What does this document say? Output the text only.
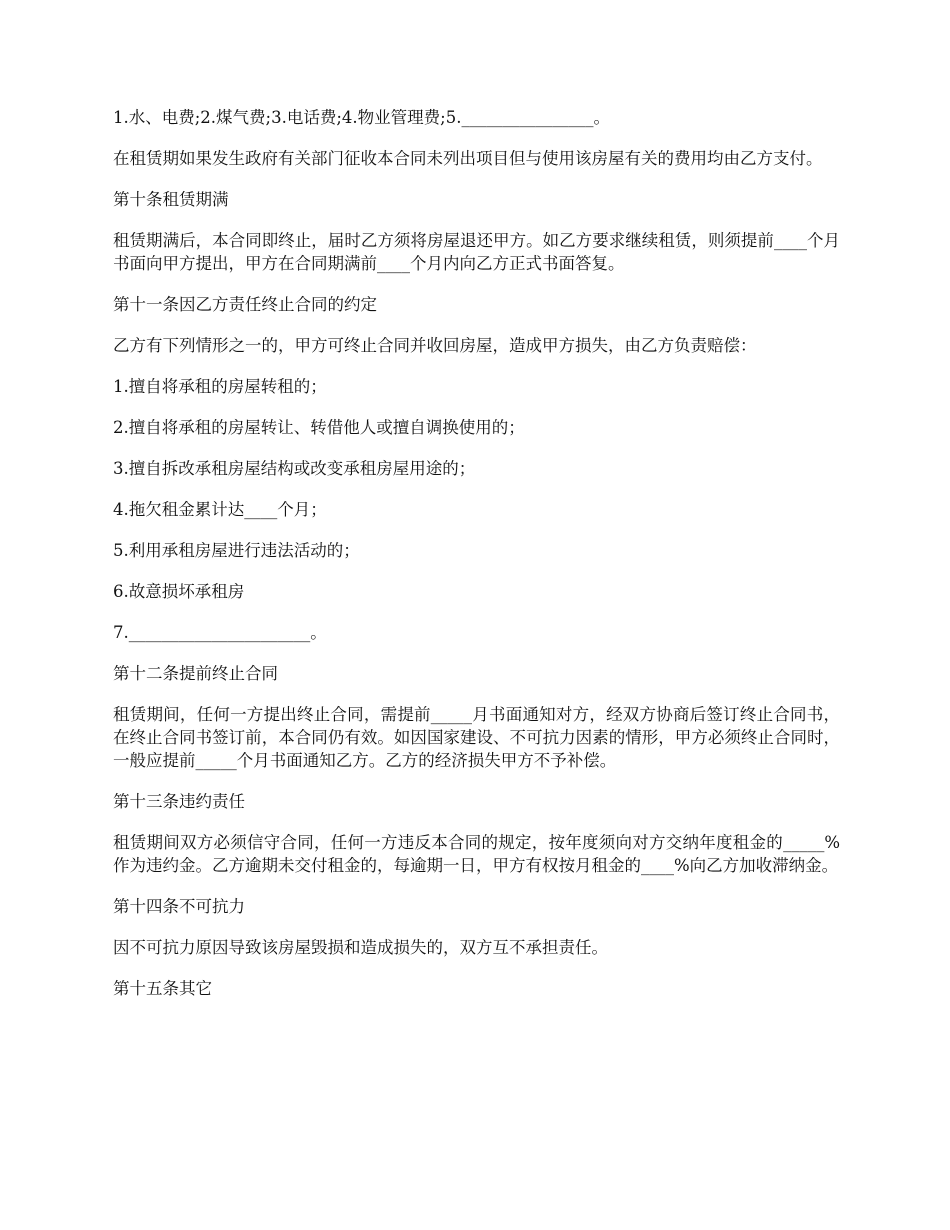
1.水、电费;2.煤气费;3.电话费;4.物业管理费;5.________________。

在租赁期如果发生政府有关部门征收本合同未列出项目但与使用该房屋有关的费用均由乙方支付。

第十条租赁期满

租赁期满后，本合同即终止，届时乙方须将房屋退还甲方。如乙方要求继续租赁，则须提前____个月书面向甲方提出，甲方在合同期满前____个月内向乙方正式书面答复。

第十一条因乙方责任终止合同的约定

乙方有下列情形之一的，甲方可终止合同并收回房屋，造成甲方损失，由乙方负责赔偿：

1.擅自将承租的房屋转租的；

2.擅自将承租的房屋转让、转借他人或擅自调换使用的；

3.擅自拆改承租房屋结构或改变承租房屋用途的；

4.拖欠租金累计达____个月；

5.利用承租房屋进行违法活动的；

6.故意损坏承租房

7.______________________。

第十二条提前终止合同

租赁期间，任何一方提出终止合同，需提前_____月书面通知对方，经双方协商后签订终止合同书，在终止合同书签订前，本合同仍有效。如因国家建设、不可抗力因素的情形，甲方必须终止合同时，一般应提前_____个月书面通知乙方。乙方的经济损失甲方不予补偿。

第十三条违约责任

租赁期间双方必须信守合同，任何一方违反本合同的规定，按年度须向对方交纳年度租金的_____%作为违约金。乙方逾期未交付租金的，每逾期一日，甲方有权按月租金的____%向乙方加收滞纳金。

第十四条不可抗力

因不可抗力原因导致该房屋毁损和造成损失的，双方互不承担责任。

第十五条其它
